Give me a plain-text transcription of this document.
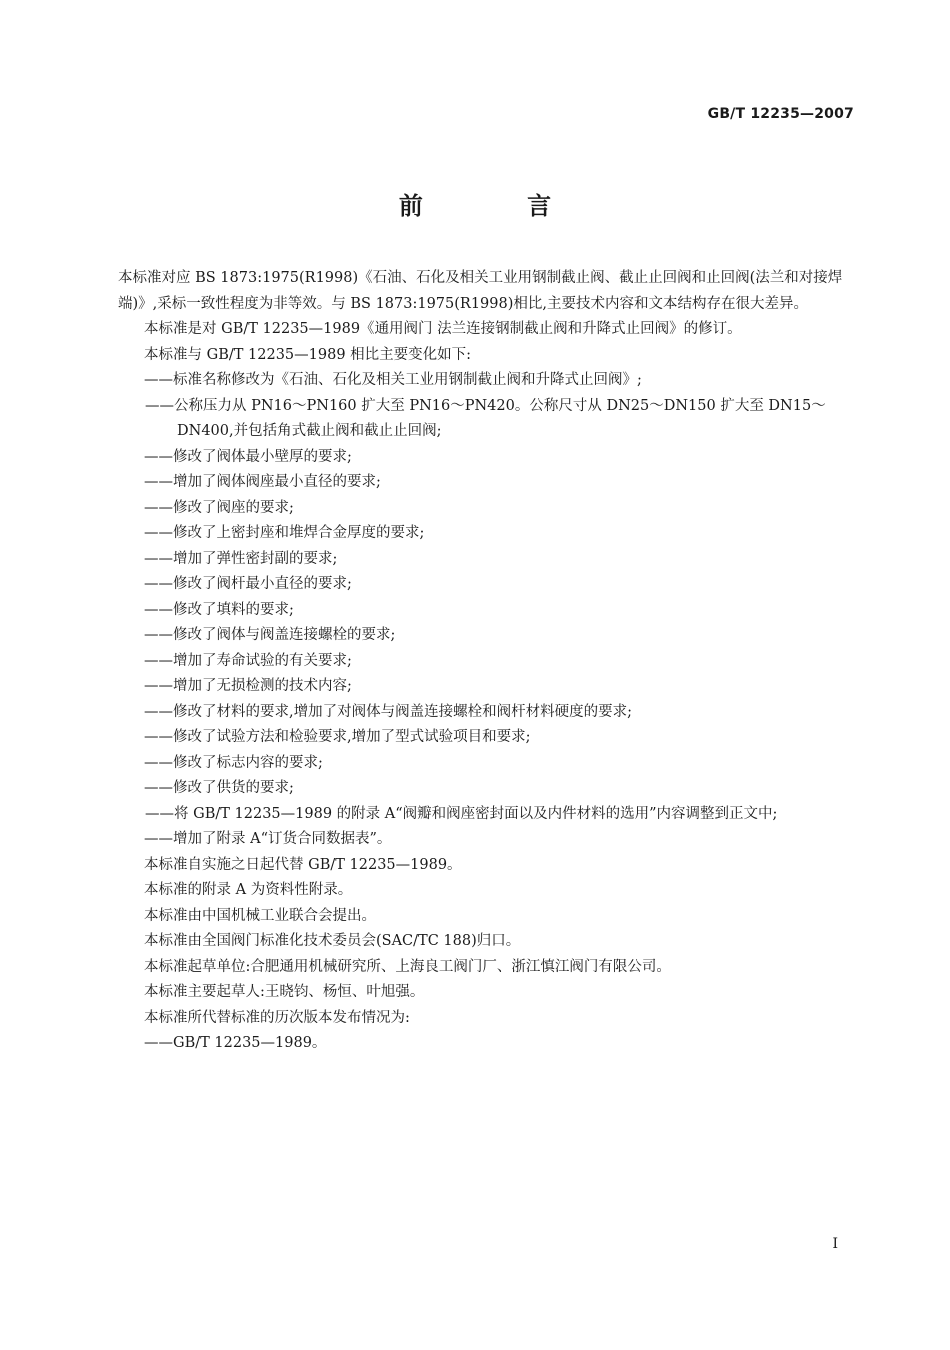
GB/T 12235—2007
前 言

本标准对应 BS 1873:1975(R1998)《石油、石化及相关工业用钢制截止阀、截止止回阀和止回阀(法兰和对接焊端)》,采标一致性程度为非等效。与 BS 1873:1975(R1998)相比,主要技术内容和文本结构存在很大差异。

本标准是对 GB/T 12235—1989《通用阀门 法兰连接钢制截止阀和升降式止回阀》的修订。

本标准与 GB/T 12235—1989 相比主要变化如下:

——标准名称修改为《石油、石化及相关工业用钢制截止阀和升降式止回阀》;

——公称压力从 PN16～PN160 扩大至 PN16～PN420。公称尺寸从 DN25～DN150 扩大至 DN15～DN400,并包括角式截止阀和截止止回阀;

——修改了阀体最小壁厚的要求;

——增加了阀体阀座最小直径的要求;

——修改了阀座的要求;

——修改了上密封座和堆焊合金厚度的要求;

——增加了弹性密封副的要求;

——修改了阀杆最小直径的要求;

——修改了填料的要求;

——修改了阀体与阀盖连接螺栓的要求;

——增加了寿命试验的有关要求;

——增加了无损检测的技术内容;

——修改了材料的要求,增加了对阀体与阀盖连接螺栓和阀杆材料硬度的要求;

——修改了试验方法和检验要求,增加了型式试验项目和要求;

——修改了标志内容的要求;

——修改了供货的要求;

——将 GB/T 12235—1989 的附录 A“阀瓣和阀座密封面以及内件材料的选用”内容调整到正文中;

——增加了附录 A“订货合同数据表”。

本标准自实施之日起代替 GB/T 12235—1989。

本标准的附录 A 为资料性附录。

本标准由中国机械工业联合会提出。

本标准由全国阀门标准化技术委员会(SAC/TC 188)归口。

本标准起草单位:合肥通用机械研究所、上海良工阀门厂、浙江慎江阀门有限公司。

本标准主要起草人:王晓钧、杨恒、叶旭强。

本标准所代替标准的历次版本发布情况为:

——GB/T 12235—1989。

I
